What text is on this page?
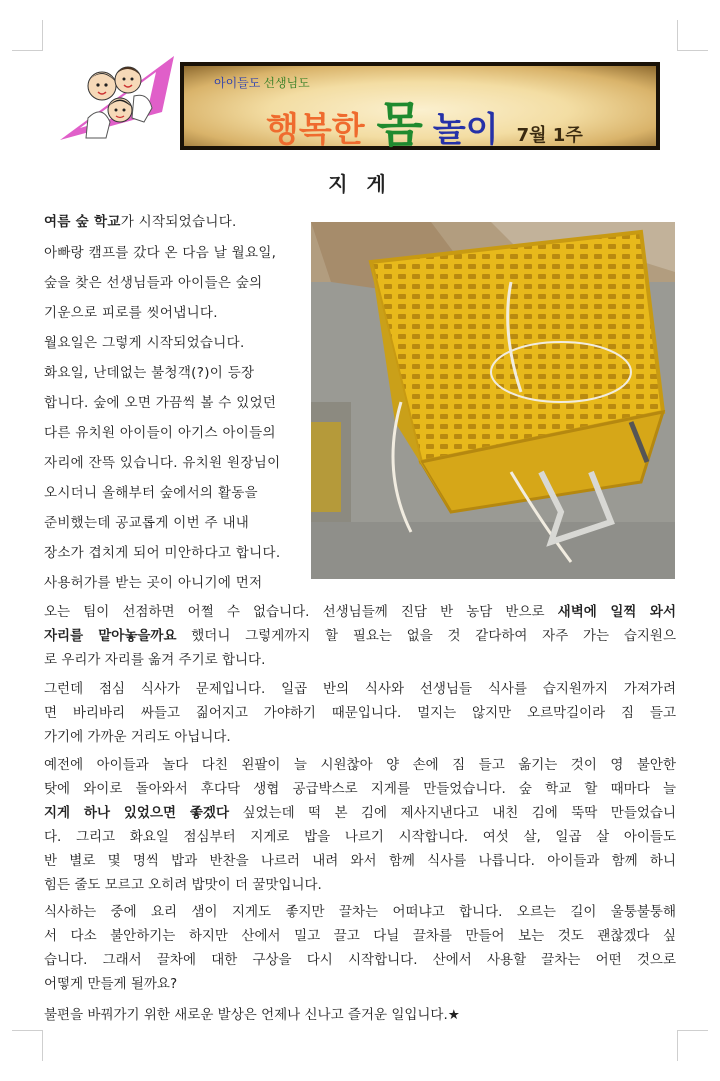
아이들도 선생님도
행복한 몸 놀이 7월 1주
지 게
여름 숲 학교가 시작되었습니다.
아빠랑 캠프를 갔다 온 다음 날 월요일,
숲을 찾은 선생님들과 아이들은 숲의
기운으로 피로를 씻어냅니다.
월요일은 그렇게 시작되었습니다.
화요일, 난데없는 불청객(?)이 등장
합니다. 숲에 오면 가끔씩 볼 수 있었던
다른 유치원 아이들이 아기스 아이들의
자리에 잔뜩 있습니다. 유치원 원장님이
오시더니 올해부터 숲에서의 활동을
준비했는데 공교롭게 이번 주 내내
장소가 겹치게 되어 미안하다고 합니다.
사용허가를 받는 곳이 아니기에 먼저
오는 팀이 선점하면 어쩔 수 없습니다. 선생님들께 진담 반 농담 반으로 새벽에 일찍 와서
자리를 맡아놓을까요 했더니 그렇게까지 할 필요는 없을 것 같다하여 자주 가는 습지원으
로 우리가 자리를 옮겨 주기로 합니다.
그런데 점심 식사가 문제입니다. 일곱 반의 식사와 선생님들 식사를 습지원까지 가져가려
면 바리바리 싸들고 짊어지고 가야하기 때문입니다. 멀지는 않지만 오르막길이라 짐 들고
가기에 가까운 거리도 아닙니다.
예전에 아이들과 놀다 다친 왼팔이 늘 시원찮아 양 손에 짐 들고 옮기는 것이 영 불안한
탓에 와이로 돌아와서 후다닥 생협 공급박스로 지게를 만들었습니다. 숲 학교 할 때마다 늘
지게 하나 있었으면 좋겠다 싶었는데 떡 본 김에 제사지낸다고 내친 김에 뚝딱 만들었습니
다. 그리고 화요일 점심부터 지게로 밥을 나르기 시작합니다. 여섯 살, 일곱 살 아이들도
반 별로 몇 명씩 밥과 반찬을 나르러 내려 와서 함께 식사를 나릅니다. 아이들과 함께 하니
힘든 줄도 모르고 오히려 밥맛이 더 꿀맛입니다.
식사하는 중에 요리 샘이 지게도 좋지만 끌차는 어떠냐고 합니다. 오르는 길이 울퉁불퉁해
서 다소 불안하기는 하지만 산에서 밀고 끌고 다닐 끌차를 만들어 보는 것도 괜찮겠다 싶
습니다. 그래서 끌차에 대한 구상을 다시 시작합니다. 산에서 사용할 끌차는 어떤 것으로
어떻게 만들게 될까요?
불편을 바꿔가기 위한 새로운 발상은 언제나 신나고 즐거운 일입니다.★
